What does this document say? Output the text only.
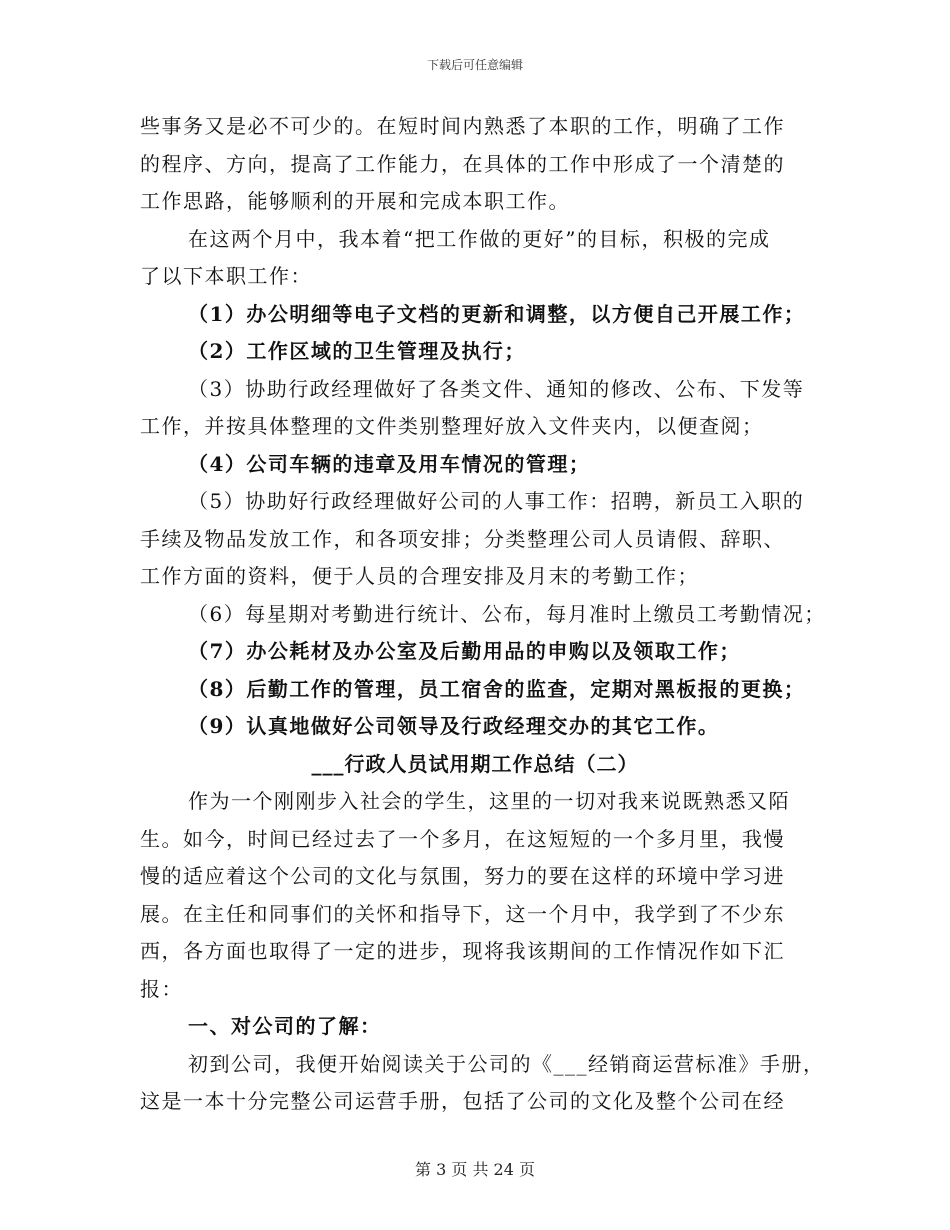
下载后可任意编辑
些事务又是必不可少的。在短时间内熟悉了本职的工作，明确了工作
的程序、方向，提高了工作能力，在具体的工作中形成了一个清楚的
工作思路，能够顺利的开展和完成本职工作。
在这两个月中，我本着“把工作做的更好”的目标，积极的完成
了以下本职工作：
（1）办公明细等电子文档的更新和调整，以方便自己开展工作；
（2）工作区域的卫生管理及执行；
（3）协助行政经理做好了各类文件、通知的修改、公布、下发等
工作，并按具体整理的文件类别整理好放入文件夹内，以便查阅；
（4）公司车辆的违章及用车情况的管理；
（5）协助好行政经理做好公司的人事工作：招聘，新员工入职的
手续及物品发放工作，和各项安排；分类整理公司人员请假、辞职、
工作方面的资料，便于人员的合理安排及月末的考勤工作；
（6）每星期对考勤进行统计、公布，每月准时上缴员工考勤情况；
（7）办公耗材及办公室及后勤用品的申购以及领取工作；
（8）后勤工作的管理，员工宿舍的监查，定期对黑板报的更换；
（9）认真地做好公司领导及行政经理交办的其它工作。
___行政人员试用期工作总结（二）
作为一个刚刚步入社会的学生，这里的一切对我来说既熟悉又陌
生。如今，时间已经过去了一个多月，在这短短的一个多月里，我慢
慢的适应着这个公司的文化与氛围，努力的要在这样的环境中学习进
展。在主任和同事们的关怀和指导下，这一个月中，我学到了不少东
西，各方面也取得了一定的进步，现将我该期间的工作情况作如下汇
报：
一、对公司的了解：
初到公司，我便开始阅读关于公司的《___经销商运营标准》手册，
这是一本十分完整公司运营手册，包括了公司的文化及整个公司在经
第 3 页 共 24 页
